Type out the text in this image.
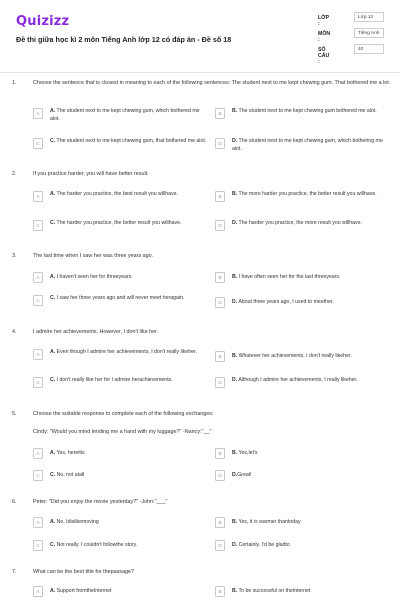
Quizizz
Đề thi giữa học kì 2 môn Tiếng Anh lớp 12 có đáp án - Đề số 18
LỚP :
Lớp 12
MÔN :
Tiếng Anh
SỐ CÂU :
40
1.	Choose the sentence that is closest in meaning to each of the following sentences: The student next to me kept chewing gum. That bothered me a lot.
A	A. The student next to me kept chewing gum, which bothered me alot.
B	B. The student next to me kept chewing gum bothered me alot.
C	C. The student next to me kept chewing gum, that bothered me alot.	D	D. The student next to me kept chewing gum, which bothering me alot.
2.	If you practice harder, you will have better result.
A	A. The harder you practice, the best result you willhave.	B	B. The more harder you practice, the better result you willhave.
C	C. The harder you practice, the better result you willhave.	D	D. The harder you practice, the more result you willhave.
3.	The last time when I saw her was three years ago.
A	A. I haven't seen her for threeyears.	B	B. I have often seen her for the last threeyears.
C	C. I saw her three years ago and will never meet heragain.
D	D. About three years ago, I used to meether.
4.	I admire her achievements. However, I don't like her.
A	A. Even though I admire her achievements, I don't really likeher.
B	B. Whatever her achievements, I don't really likeher.
C	C. I don't really like her for I admire herachievements.	D	D. Although I admire her achievements, I really likeher.
5.	Choose the suitable response to complete each of the following exchanges:
Cindy: "Would you mind lending me a hand with my luggage?" -Nancy:"__"
A	A. Yes, hereitis	B	B. Yes,let's
C	C. No, not atall	D	D.Great!
6.	Peter: "Did you enjoy the movie yesterday?" -John:"___"
A	A. No, Idislikemoving	B	B. Yes, it is warmer thantoday
C	C. Not really. I couldn't followthe story.	D	D. Certainly. I'd be gladto
7.	What can be the best title for thepassage?
A	A. Support fromtheInternet	B	B. To be successful on theInternet
